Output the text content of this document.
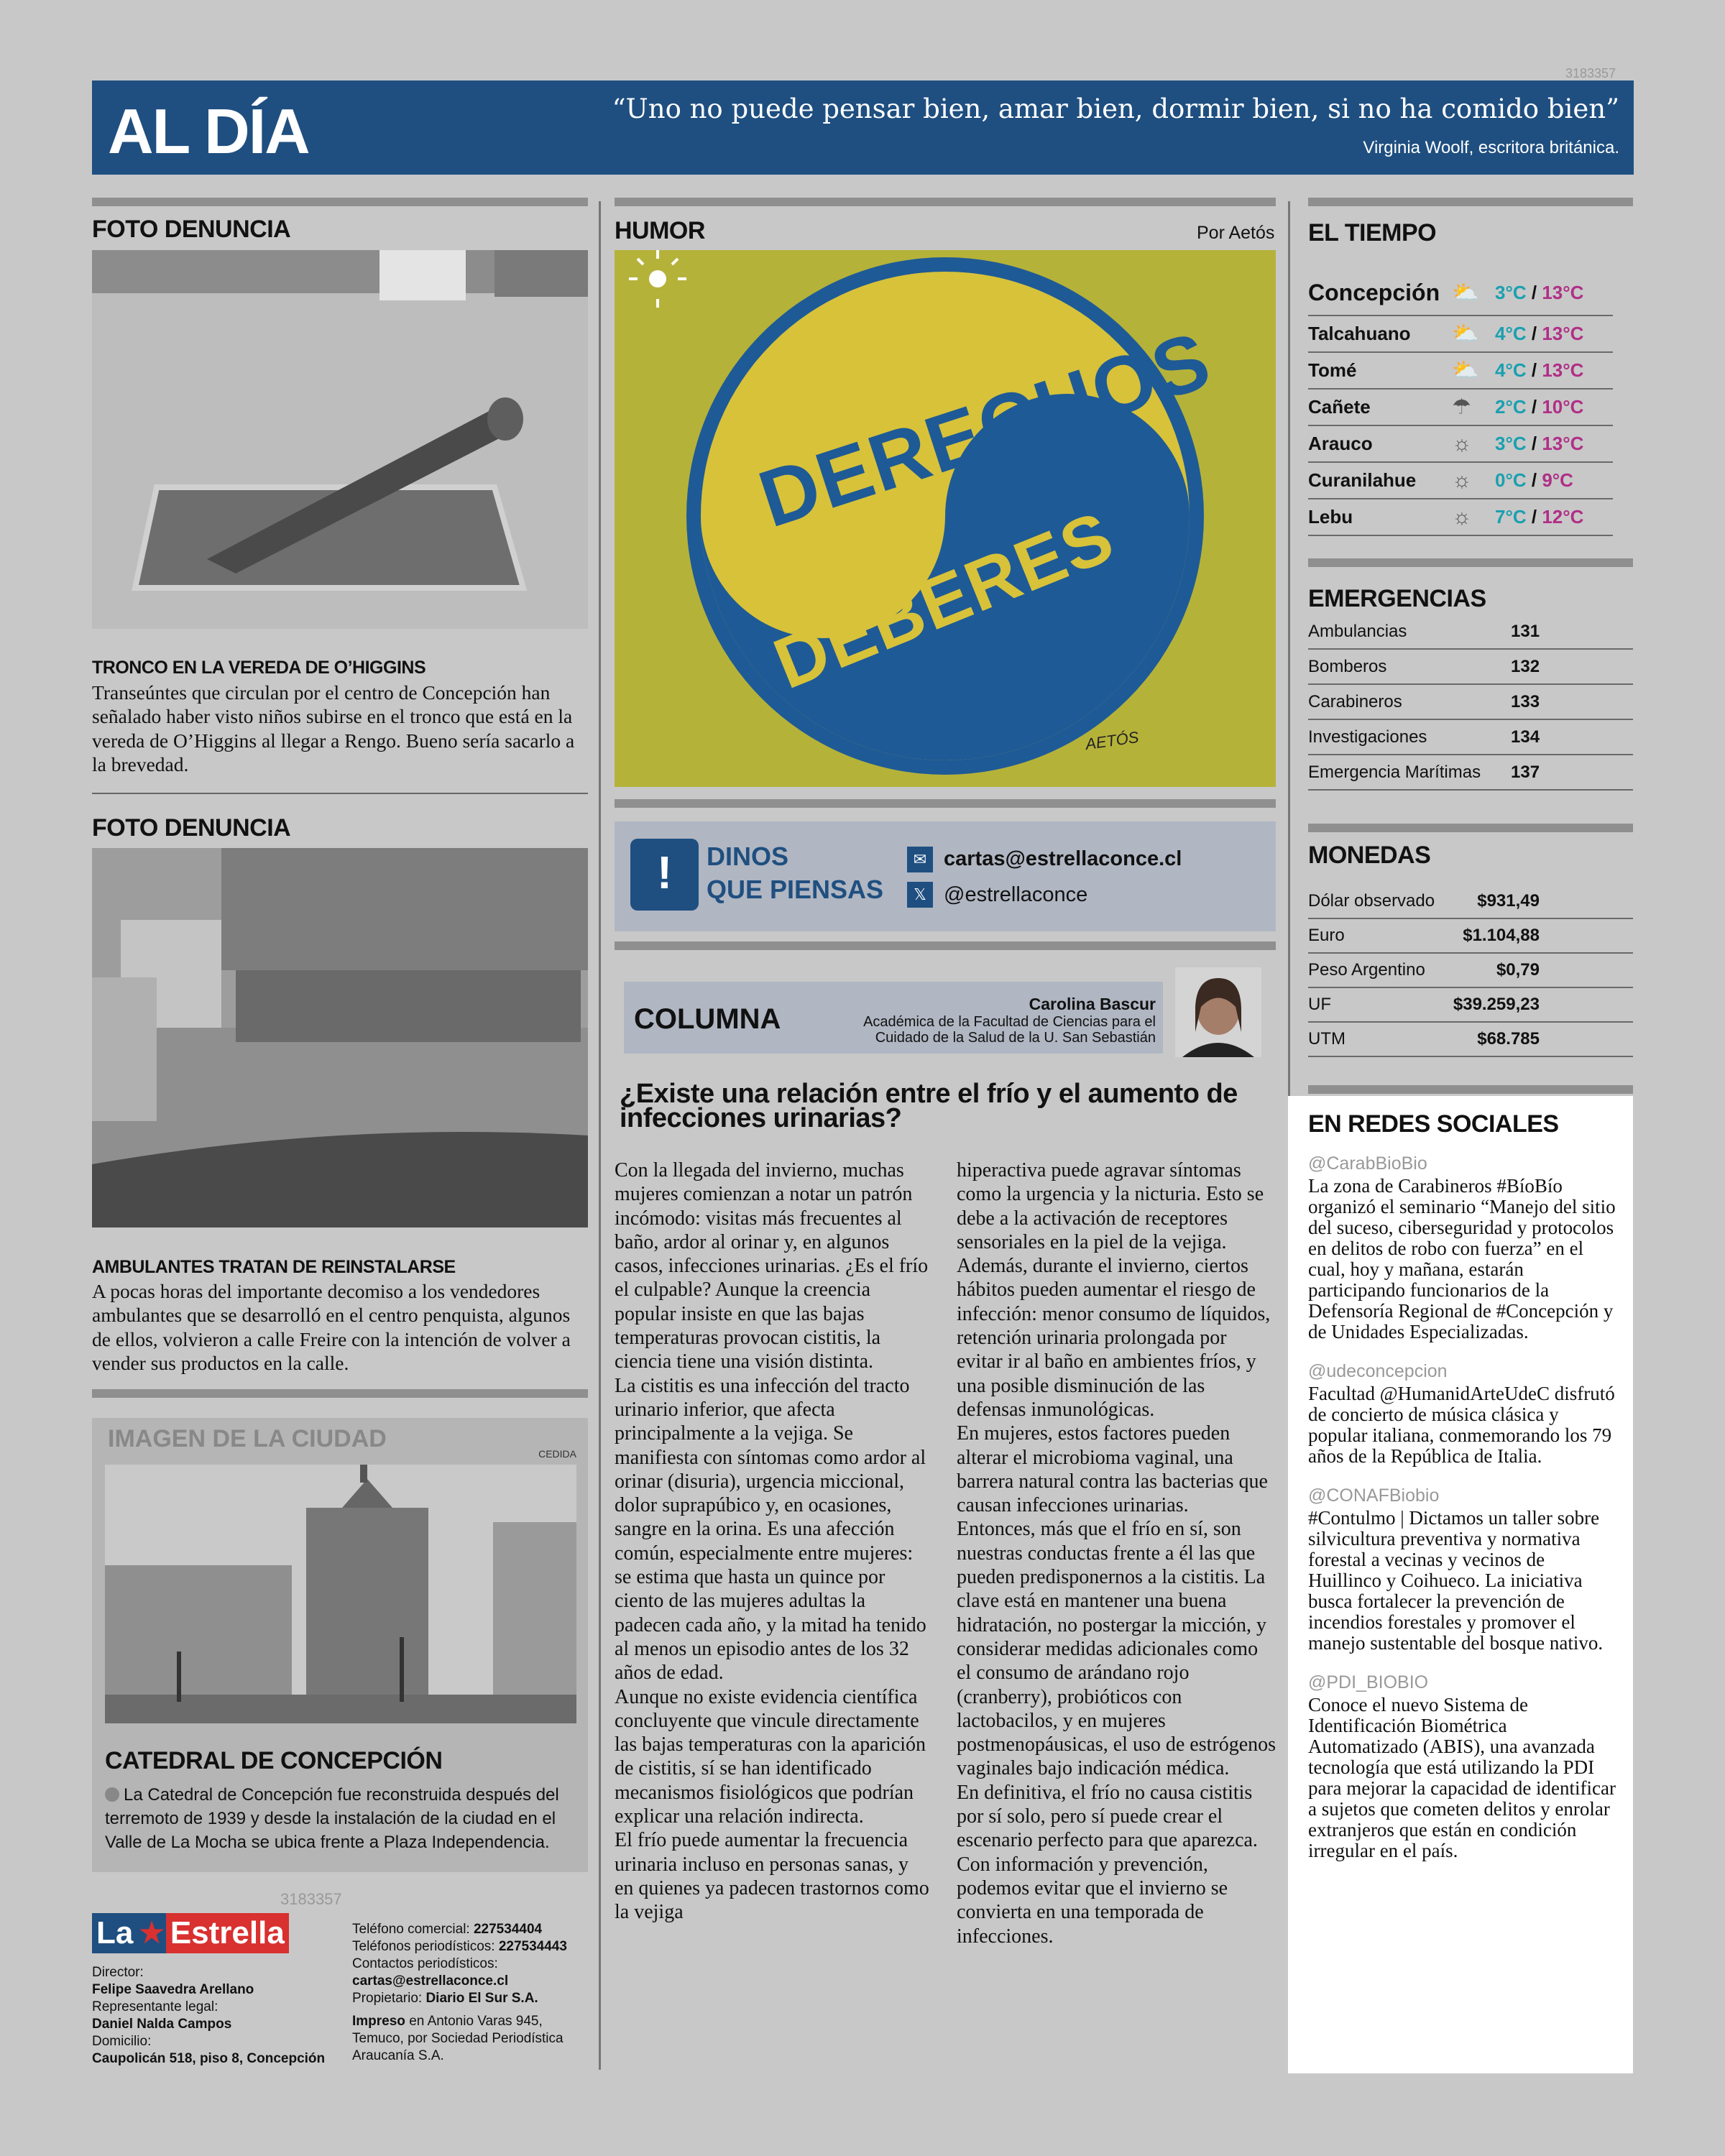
3183357
AL DÍA	“Uno no puede pensar bien, amar bien, dormir bien, si no ha comido bien”
Virginia Woolf, escritora británica.
FOTO DENUNCIA
TRONCO EN LA VEREDA DE O’HIGGINS
Transeúntes que circulan por el centro de Concepción han señalado haber visto niños subirse en el tronco que está en la vereda de O’Higgins al llegar a Rengo. Bueno sería sacarlo a la brevedad.
FOTO DENUNCIA
AMBULANTES TRATAN DE REINSTALARSE
A pocas horas del importante decomiso a los vendedores ambulantes que se desarrolló en el centro penquista, algunos de ellos, volvieron a calle Freire con la intención de volver a vender sus productos en la calle.
IMAGEN DE LA CIUDAD
CEDIDA
CATEDRAL DE CONCEPCIÓN
La Catedral de Concepción fue reconstruida después del terremoto de 1939 y desde la instalación de la ciudad en el Valle de La Mocha se ubica frente a Plaza Independencia.
3183357
La ★ Estrella
Director:
Felipe Saavedra Arellano
Representante legal:
Daniel Nalda Campos
Domicilio:
Caupolicán 518, piso 8, Concepción
Teléfono comercial: 227534404
Teléfonos periodísticos: 227534443
Contactos periodísticos:
cartas@estrellaconce.cl
Propietario: Diario El Sur S.A.
Impreso en Antonio Varas 945, Temuco, por Sociedad Periodística Araucanía S.A.
HUMOR	Por Aetós
DERECHOS
DEBERES
AETÓS
!	DINOS
QUE PIENSAS
✉ cartas@estrellaconce.cl
𝕏 @estrellaconce
COLUMNA	Carolina Bascur
Académica de la Facultad de Ciencias para el Cuidado de la Salud de la U. San Sebastián
¿Existe una relación entre el frío y el aumento de infecciones urinarias?
Con la llegada del invierno, muchas mujeres comienzan a notar un patrón incómodo: visitas más frecuentes al baño, ardor al orinar y, en algunos casos, infecciones urinarias. ¿Es el frío el culpable? Aunque la creencia popular insiste en que las bajas temperaturas provocan cistitis, la ciencia tiene una visión distinta.
La cistitis es una infección del tracto urinario inferior, que afecta principalmente a la vejiga. Se manifiesta con síntomas como ardor al orinar (disuria), urgencia miccional, dolor suprapúbico y, en ocasiones, sangre en la orina. Es una afección común, especialmente entre mujeres: se estima que hasta un quince por ciento de las mujeres adultas la padecen cada año, y la mitad ha tenido al menos un episodio antes de los 32 años de edad.
Aunque no existe evidencia científica concluyente que vincule directamente las bajas temperaturas con la aparición de cistitis, sí se han identificado mecanismos fisiológicos que podrían explicar una relación indirecta.
El frío puede aumentar la frecuencia urinaria incluso en personas sanas, y en quienes ya padecen trastornos como la vejiga
hiperactiva puede agravar síntomas como la urgencia y la nicturia. Esto se debe a la activación de receptores sensoriales en la piel de la vejiga.
Además, durante el invierno, ciertos hábitos pueden aumentar el riesgo de infección: menor consumo de líquidos, retención urinaria prolongada por evitar ir al baño en ambientes fríos, y una posible disminución de las defensas inmunológicas.
En mujeres, estos factores pueden alterar el microbioma vaginal, una barrera natural contra las bacterias que causan infecciones urinarias.
Entonces, más que el frío en sí, son nuestras conductas frente a él las que pueden predisponernos a la cistitis. La clave está en mantener una buena hidratación, no postergar la micción, y considerar medidas adicionales como el consumo de arándano rojo (cranberry), probióticos con lactobacilos, y en mujeres postmenopáusicas, el uso de estrógenos vaginales bajo indicación médica.
En definitiva, el frío no causa cistitis por sí solo, pero sí puede crear el escenario perfecto para que aparezca. Con información y prevención, podemos evitar que el invierno se convierta en una temporada de infecciones.
EL TIEMPO
Concepción ⛅ 3°C / 13°C
Talcahuano	⛅ 4°C / 13°C
Tomé	⛅ 4°C / 13°C
Cañete	☂	2°C / 10°C
Arauco	☼	3°C / 13°C
Curanilahue	☼	0°C / 9°C
Lebu	☼	7°C / 12°C
EMERGENCIAS
Ambulancias	131
Bomberos	132
Carabineros	133
Investigaciones	134
Emergencia Marítimas 137
MONEDAS
Dólar observado	$931,49
Euro	$1.104,88
Peso Argentino	$0,79
UF	$39.259,23
UTM	$68.785
EN REDES SOCIALES
@CarabBioBio
La zona de Carabineros #BíoBío organizó el seminario “Manejo del sitio del suceso, ciberseguridad y protocolos en delitos de robo con fuerza” en el cual, hoy y mañana, estarán participando funcionarios de la Defensoría Regional de #Concepción y de Unidades Especializadas.
@udeconcepcion
Facultad @HumanidArteUdeC disfrutó de concierto de música clásica y popular italiana, conmemorando los 79 años de la República de Italia.
@CONAFBiobio
#Contulmo | Dictamos un taller sobre silvicultura preventiva y normativa forestal a vecinas y vecinos de Huillinco y Coihueco. La iniciativa busca fortalecer la prevención de incendios forestales y promover el manejo sustentable del bosque nativo.
@PDI_BIOBIO
Conoce el nuevo Sistema de Identificación Biométrica Automatizado (ABIS), una avanzada tecnología que está utilizando la PDI para mejorar la capacidad de identificar a sujetos que cometen delitos y enrolar extranjeros que están en condición irregular en el país.
